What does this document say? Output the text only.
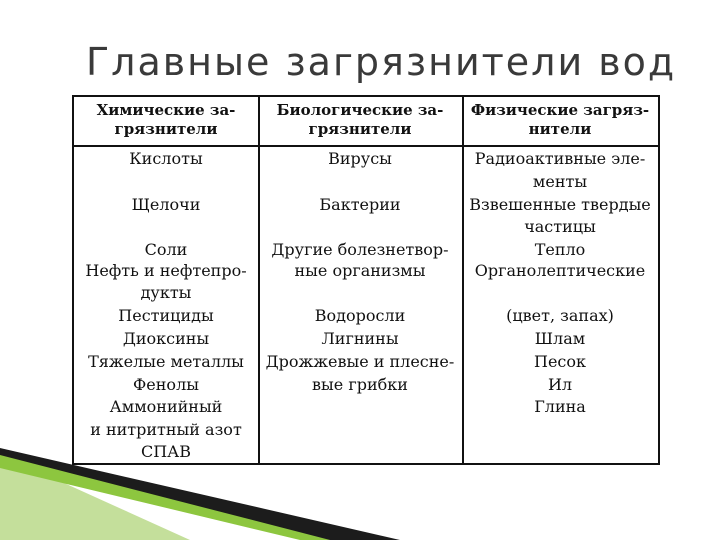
Главные загрязнители вод
Химические за-
грязнители
Кислоты
Щелочи
Соли
Нефть и нефтепро-
дукты
Пестициды
Диоксины
Тяжелые металлы
Фенолы
Аммонийный
и нитритный азот
СПАВ
Биологические за-
грязнители
Вирусы
Бактерии
Другие болезнетвор-
ные организмы
Водоросли
Лигнины
Дрожжевые и плесне-
вые грибки
Физические загряз-
нители
Радиоактивные эле-
менты
Взвешенные твердые
частицы
Тепло
Органолептические
(цвет, запах)
Шлам
Песок
Ил
Глина
